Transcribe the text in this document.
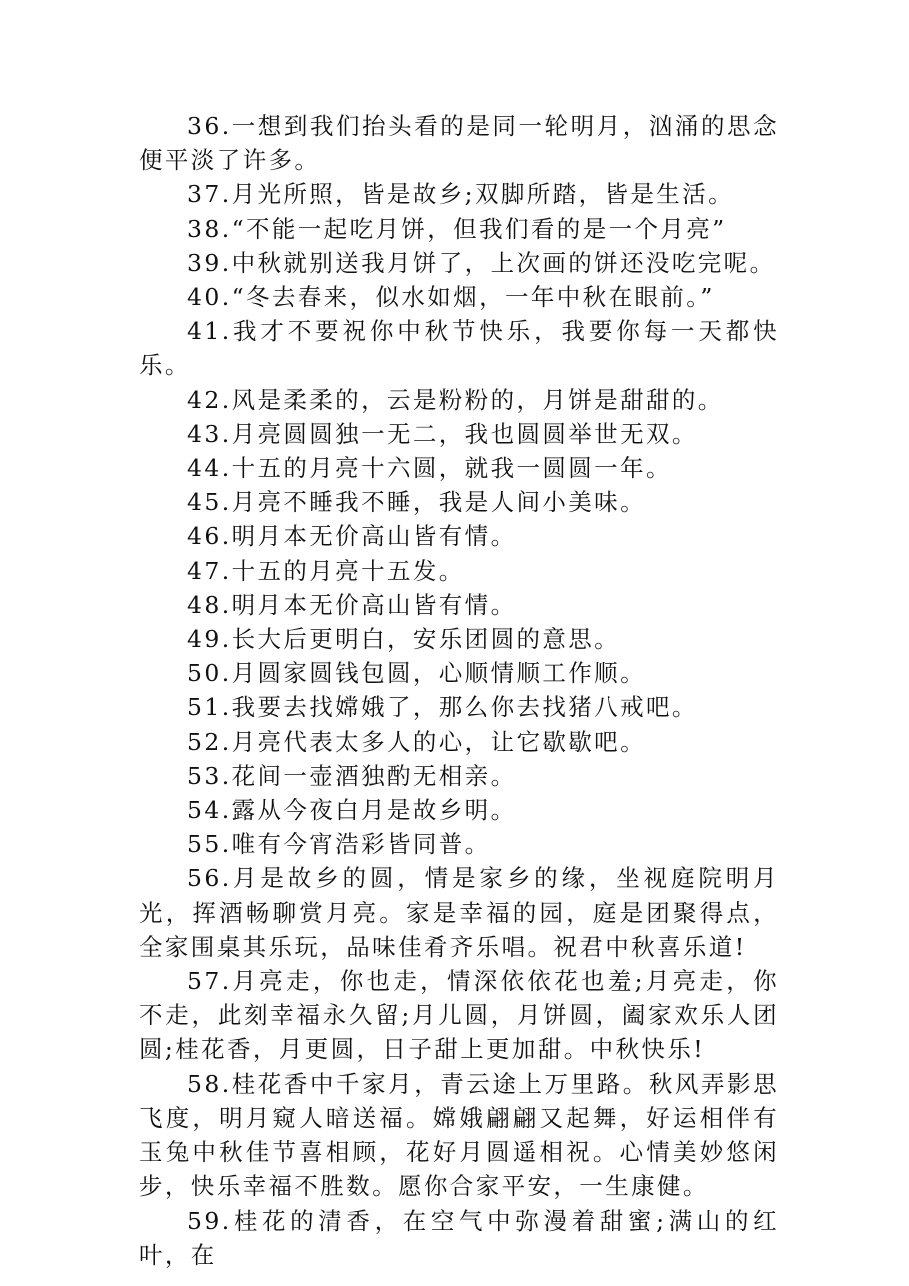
36.一想到我们抬头看的是同一轮明月，汹涌的思念便平淡了许多。

37.月光所照，皆是故乡;双脚所踏，皆是生活。

38.“不能一起吃月饼，但我们看的是一个月亮”

39.中秋就别送我月饼了，上次画的饼还没吃完呢。

40.“冬去春来，似水如烟，一年中秋在眼前。”

41.我才不要祝你中秋节快乐，我要你每一天都快乐。

42.风是柔柔的，云是粉粉的，月饼是甜甜的。

43.月亮圆圆独一无二，我也圆圆举世无双。

44.十五的月亮十六圆，就我一圆圆一年。

45.月亮不睡我不睡，我是人间小美味。

46.明月本无价高山皆有情。

47.十五的月亮十五发。

48.明月本无价高山皆有情。

49.长大后更明白，安乐团圆的意思。

50.月圆家圆钱包圆，心顺情顺工作顺。

51.我要去找嫦娥了，那么你去找猪八戒吧。

52.月亮代表太多人的心，让它歇歇吧。

53.花间一壶酒独酌无相亲。

54.露从今夜白月是故乡明。

55.唯有今宵浩彩皆同普。

56.月是故乡的圆，情是家乡的缘，坐视庭院明月光，挥酒畅聊赏月亮。家是幸福的园，庭是团聚得点，全家围桌其乐玩，品味佳肴齐乐唱。祝君中秋喜乐道!

57.月亮走，你也走，情深依依花也羞;月亮走，你不走，此刻幸福永久留;月儿圆，月饼圆，阖家欢乐人团圆;桂花香，月更圆，日子甜上更加甜。中秋快乐!

58.桂花香中千家月，青云途上万里路。秋风弄影思飞度，明月窥人暗送福。嫦娥翩翩又起舞，好运相伴有玉兔中秋佳节喜相顾，花好月圆遥相祝。心情美妙悠闲步，快乐幸福不胜数。愿你合家平安，一生康健。

59.桂花的清香，在空气中弥漫着甜蜜;满山的红叶，在
